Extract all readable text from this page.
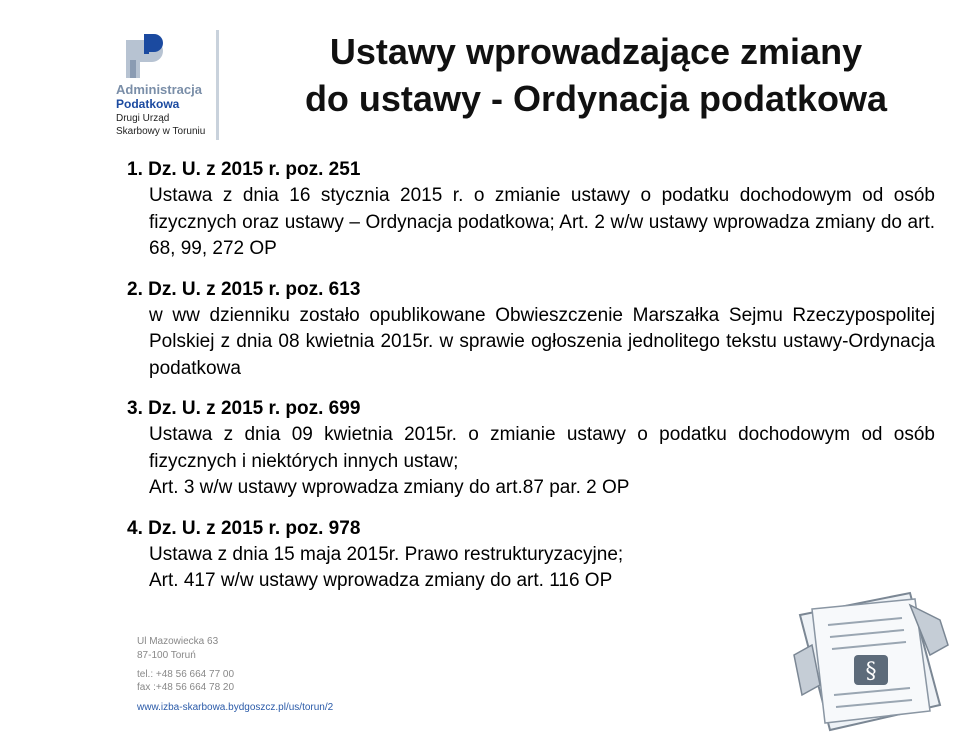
Administracja
Podatkowa
Drugi Urząd
Skarbowy w Toruniu
Ustawy wprowadzające zmiany
do ustawy - Ordynacja podatkowa
1. Dz. U. z 2015 r. poz. 251
Ustawa z dnia 16 stycznia 2015 r. o zmianie ustawy o podatku dochodowym od osób fizycznych oraz ustawy – Ordynacja podatkowa; Art. 2 w/w ustawy wprowadza zmiany do art. 68, 99, 272 OP
2. Dz. U. z 2015 r. poz. 613
w ww dzienniku zostało opublikowane Obwieszczenie Marszałka Sejmu Rzeczypospolitej Polskiej z dnia 08 kwietnia 2015r. w sprawie ogłoszenia jednolitego tekstu ustawy-Ordynacja podatkowa
3. Dz. U. z 2015 r. poz. 699
Ustawa z dnia 09 kwietnia 2015r. o zmianie ustawy o podatku dochodowym od osób fizycznych i niektórych innych ustaw;
Art. 3 w/w ustawy wprowadza zmiany do art.87 par. 2 OP
4. Dz. U. z 2015 r. poz. 978
Ustawa z dnia 15 maja 2015r. Prawo restrukturyzacyjne;
Art. 417 w/w ustawy wprowadza zmiany do art. 116 OP
Ul Mazowiecka 63
87-100 Toruń
tel.: +48 56 664 77 00
fax :+48 56 664 78 20
www.izba-skarbowa.bydgoszcz.pl/us/torun/2
§
